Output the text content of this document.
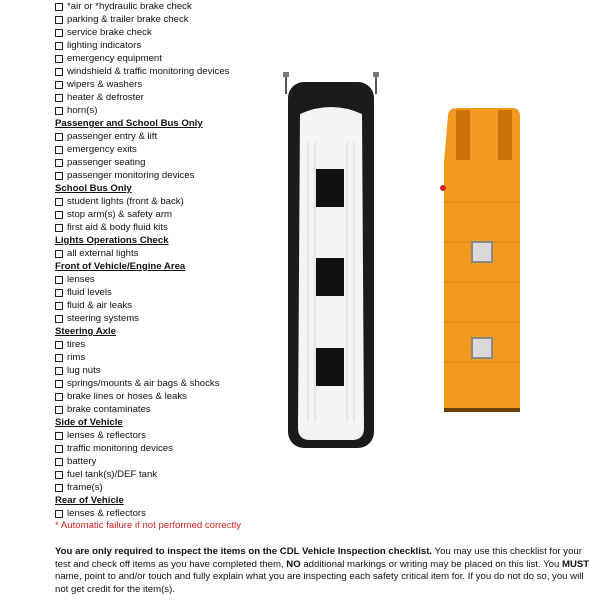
*air or *hydraulic brake check
parking & trailer brake check
service brake check
lighting indicators
emergency equipment
windshield & traffic monitoring devices
wipers & washers
heater & defroster
horn(s)
Passenger and School Bus Only
passenger entry & lift
emergency exits
passenger seating
passenger monitoring devices
School Bus Only
student lights (front & back)
stop arm(s) & safety arm
first aid & body fluid kits
Lights Operations Check
all external lights
Front of Vehicle/Engine Area
lenses
fluid levels
fluid & air leaks
steering systems
Steering Axle
tires
rims
lug nuts
springs/mounts & air bags & shocks
brake lines or hoses & leaks
brake contaminates
Side of Vehicle
lenses & reflectors
traffic monitoring devices
battery
fuel tank(s)/DEF tank
frame(s)
Rear of Vehicle
lenses & reflectors
* Automatic failure if not performed correctly
You are only required to inspect the items on the CDL Vehicle Inspection checklist. You may use this checklist for your test and check off items as you have completed them, NO additional markings or writing may be placed on this list. You MUST name, point to and/or touch and fully explain what you are inspecting each safety critical item for. If you do not do so, you will not get credit for the item(s).
